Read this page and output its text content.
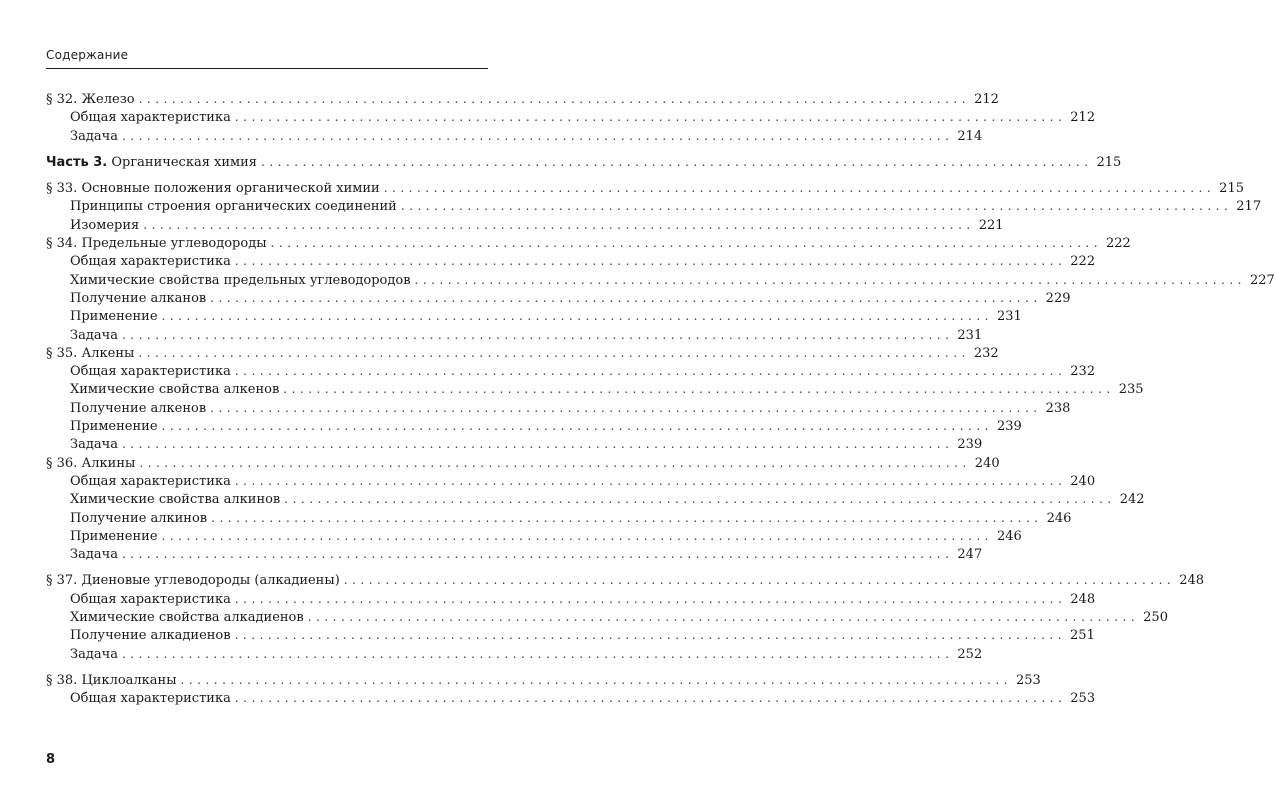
Содержание
§ 32. Железо .................................................................................................... 212
Общая характеристика .................................................................................................... 212
Задача .................................................................................................... 214
Часть 3. Органическая химия .................................................................................................... 215
§ 33. Основные положения органической химии .................................................................................................... 215
Принципы строения органических соединений .................................................................................................... 217
Изомерия .................................................................................................... 221
§ 34. Предельные углеводороды .................................................................................................... 222
Общая характеристика .................................................................................................... 222
Химические свойства предельных углеводородов .................................................................................................... 227
Получение алканов .................................................................................................... 229
Применение .................................................................................................... 231
Задача .................................................................................................... 231
§ 35. Алкены .................................................................................................... 232
Общая характеристика .................................................................................................... 232
Химические свойства алкенов .................................................................................................... 235
Получение алкенов .................................................................................................... 238
Применение .................................................................................................... 239
Задача .................................................................................................... 239
§ 36. Алкины .................................................................................................... 240
Общая характеристика .................................................................................................... 240
Химические свойства алкинов .................................................................................................... 242
Получение алкинов .................................................................................................... 246
Применение .................................................................................................... 246
Задача .................................................................................................... 247
§ 37. Диеновые углеводороды (алкадиены) .................................................................................................... 248
Общая характеристика .................................................................................................... 248
Химические свойства алкадиенов .................................................................................................... 250
Получение алкадиенов .................................................................................................... 251
Задача .................................................................................................... 252
§ 38. Циклоалканы .................................................................................................... 253
Общая характеристика .................................................................................................... 253
8
